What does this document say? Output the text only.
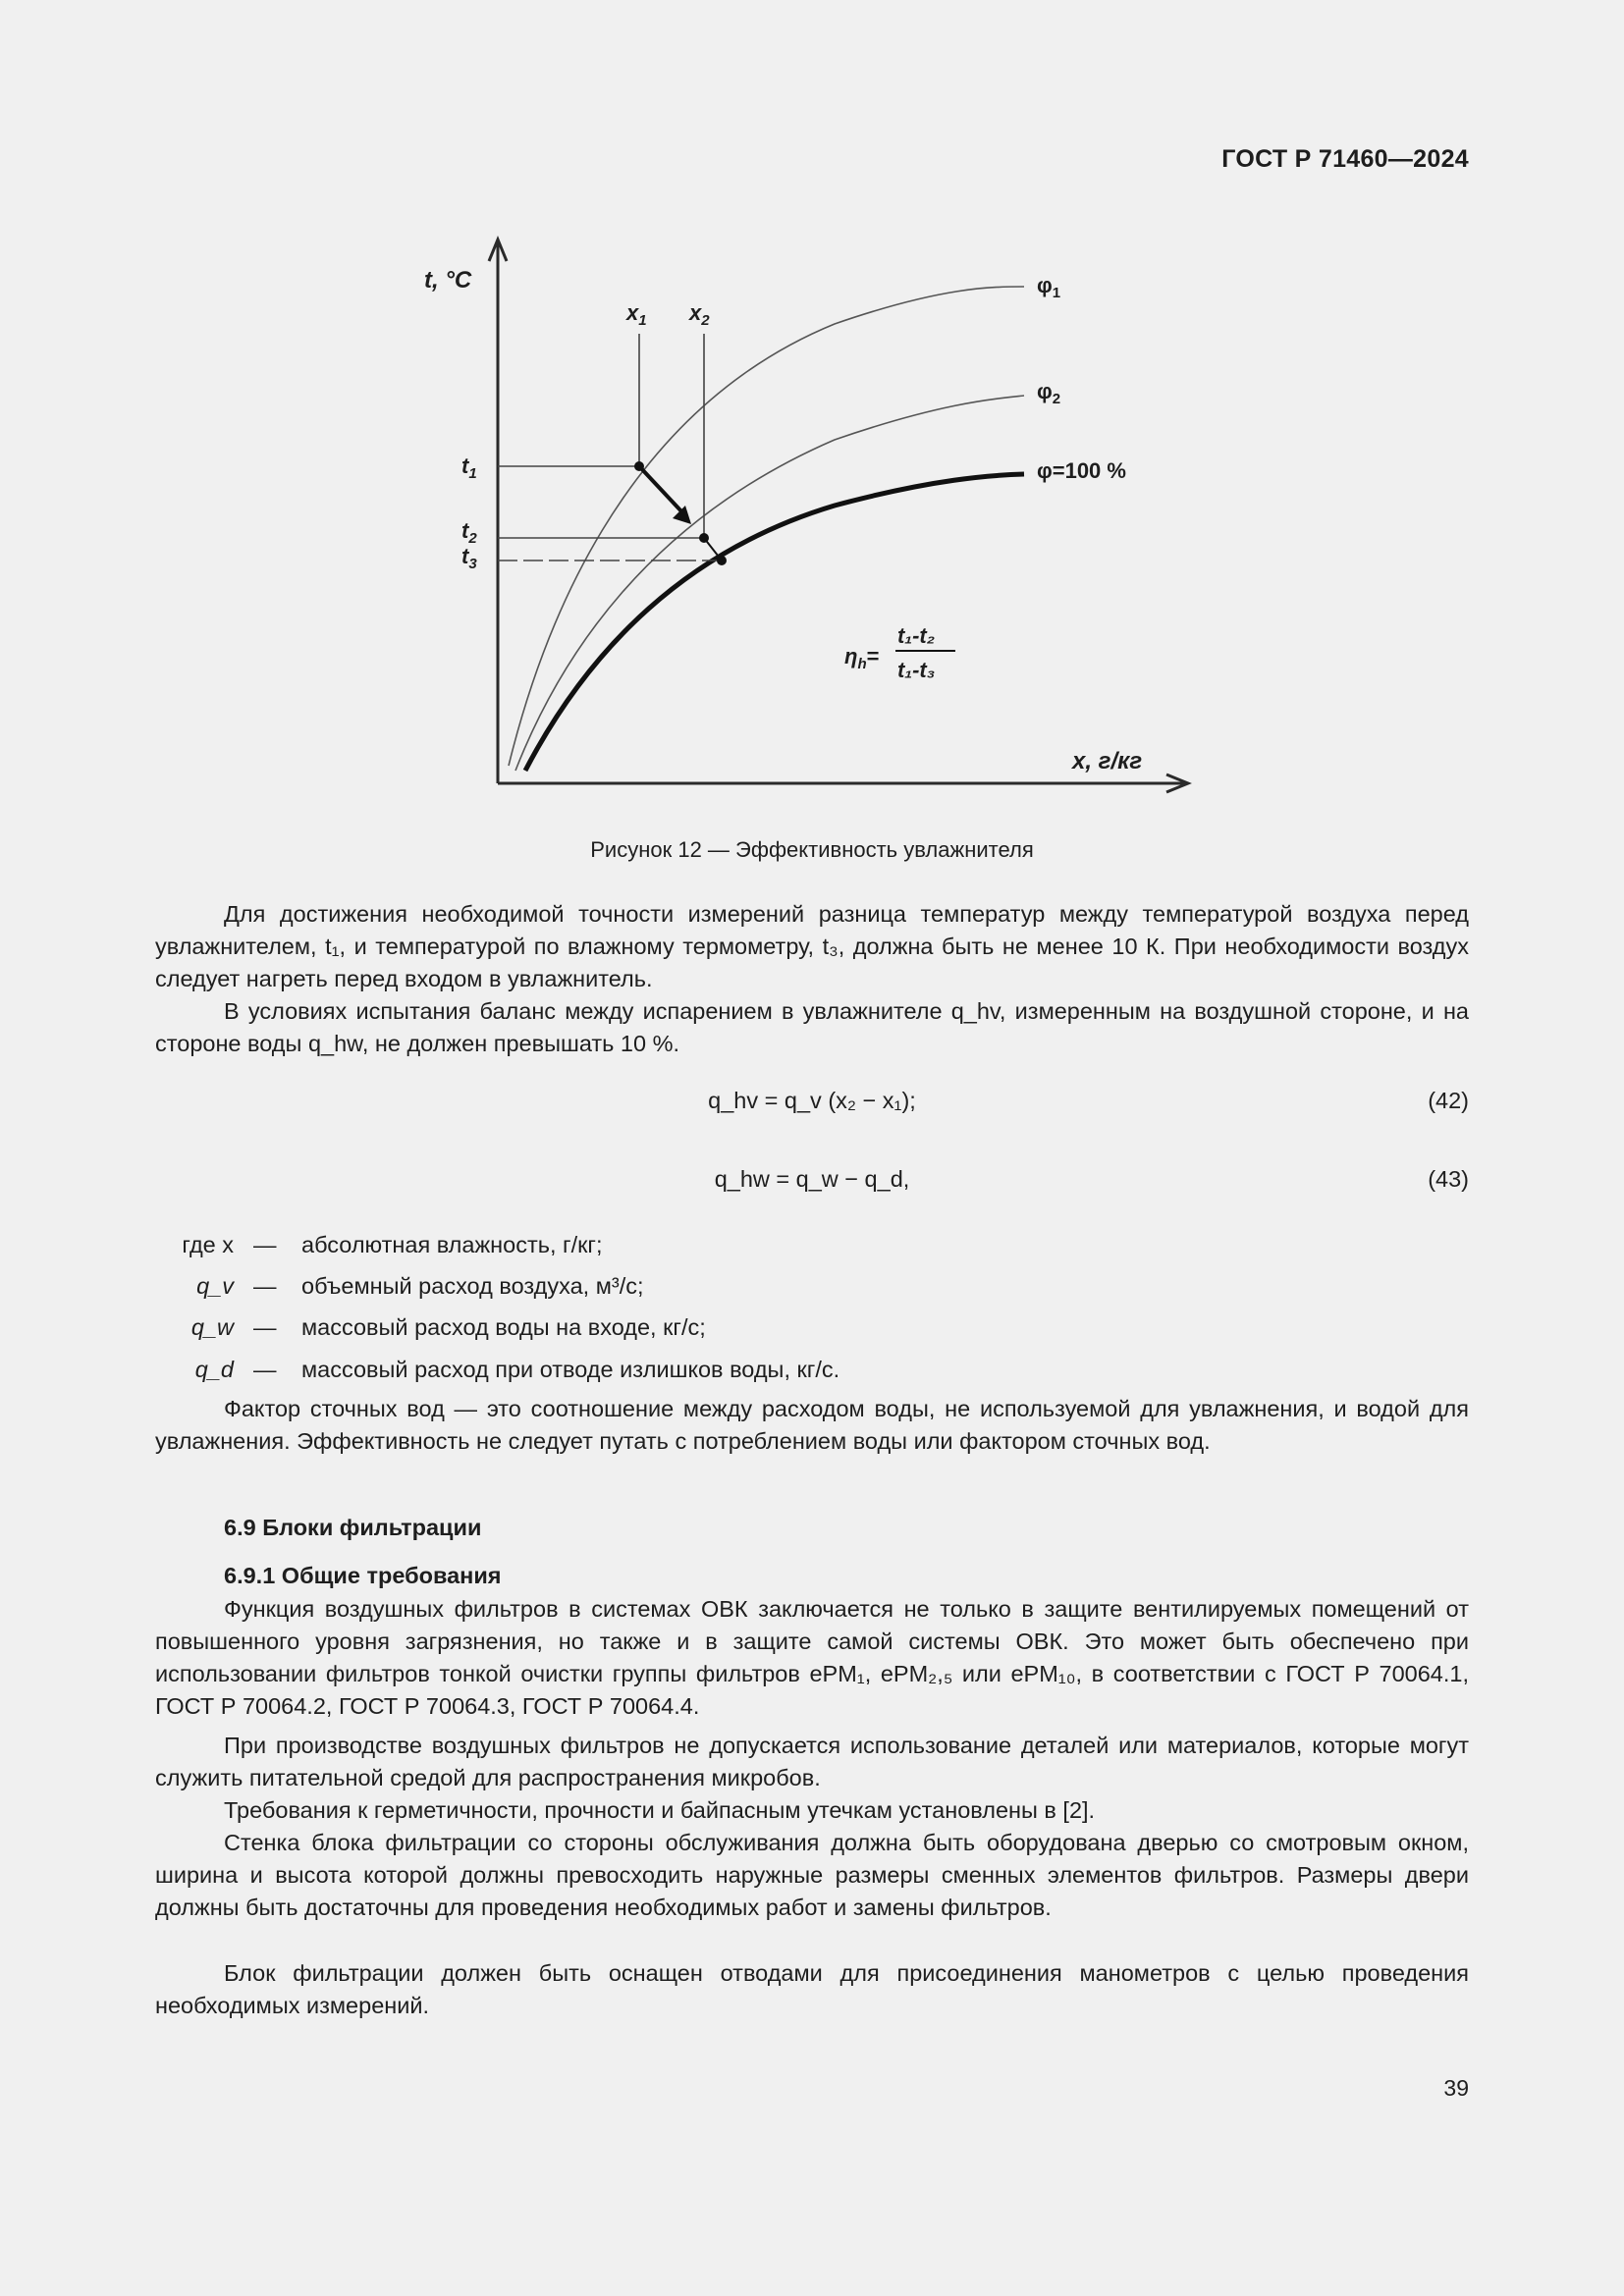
ГОСТ Р 71460—2024
t, °C
x, г/кг
$x_1$ $x_2$
$t_1$
$t_2$
$t_3$
$\varphi_1$
$\varphi_2$
φ=100 %
$\eta_h=$
t₁-t₂
t₁-t₃
Рисунок 12 — Эффективность увлажнителя
Для достижения необходимой точности измерений разница температур между температурой воздуха перед увлажнителем, t₁, и температурой по влажному термометру, t₃, должна быть не менее 10 К. При необходимости воздух следует нагреть перед входом в увлажнитель.
В условиях испытания баланс между испарением в увлажнителе q_hv, измеренным на воздушной стороне, и на стороне воды q_hw, не должен превышать 10 %.
q_hv = q_v (x₂ − x₁);	(42)
q_hw = q_w − q_d,	(43)
где x — абсолютная влажность, г/кг;
q_v — объемный расход воздуха, м³/с;
q_w — массовый расход воды на входе, кг/с;
q_d — массовый расход при отводе излишков воды, кг/с.
Фактор сточных вод — это соотношение между расходом воды, не используемой для увлажнения, и водой для увлажнения. Эффективность не следует путать с потреблением воды или фактором сточных вод.
6.9 Блоки фильтрации
6.9.1 Общие требования
Функция воздушных фильтров в системах ОВК заключается не только в защите вентилируемых помещений от повышенного уровня загрязнения, но также и в защите самой системы ОВК. Это может быть обеспечено при использовании фильтров тонкой очистки группы фильтров ePM₁, ePM₂,₅ или ePM₁₀, в соответствии с ГОСТ Р 70064.1, ГОСТ Р 70064.2, ГОСТ Р 70064.3, ГОСТ Р 70064.4.
При производстве воздушных фильтров не допускается использование деталей или материалов, которые могут служить питательной средой для распространения микробов.
Требования к герметичности, прочности и байпасным утечкам установлены в [2].
Стенка блока фильтрации со стороны обслуживания должна быть оборудована дверью со смотровым окном, ширина и высота которой должны превосходить наружные размеры сменных элементов фильтров. Размеры двери должны быть достаточны для проведения необходимых работ и замены фильтров.
Блок фильтрации должен быть оснащен отводами для присоединения манометров с целью проведения необходимых измерений.
39
